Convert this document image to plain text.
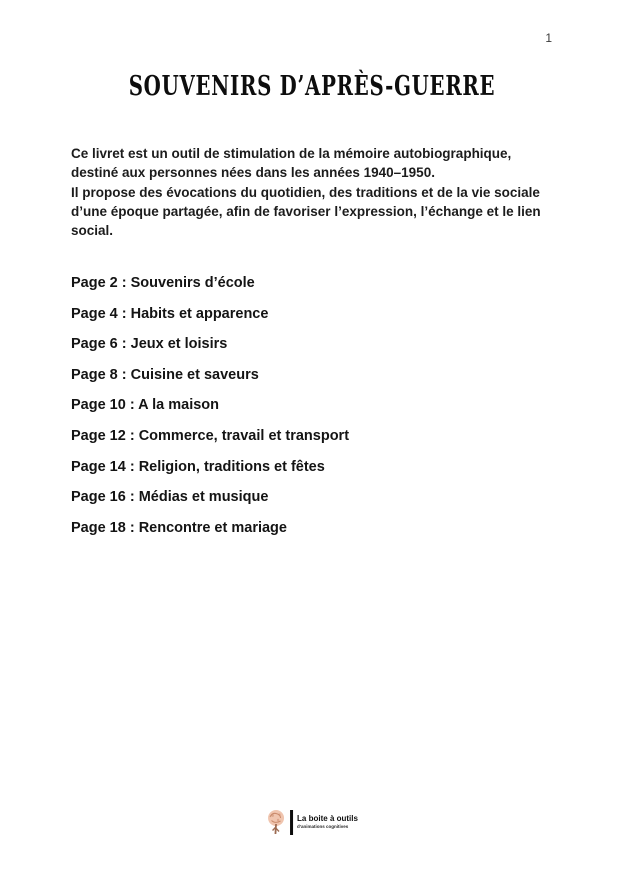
1
SOUVENIRS D’APRÈS-GUERRE
Ce livret est un outil de stimulation de la mémoire autobiographique,
destiné aux personnes nées dans les années 1940–1950.
Il propose des évocations du quotidien, des traditions et de la vie sociale
d’une époque partagée, afin de favoriser l’expression, l’échange et le lien
social.
Page 2 : Souvenirs d’école
Page 4 : Habits et apparence
Page 6 : Jeux et loisirs
Page 8 : Cuisine et saveurs
Page 10 : A la maison
Page 12 : Commerce, travail et transport
Page 14 : Religion, traditions et fêtes
Page 16 : Médias et musique
Page 18 : Rencontre et mariage
La boite à outils
d’animations cognitives
